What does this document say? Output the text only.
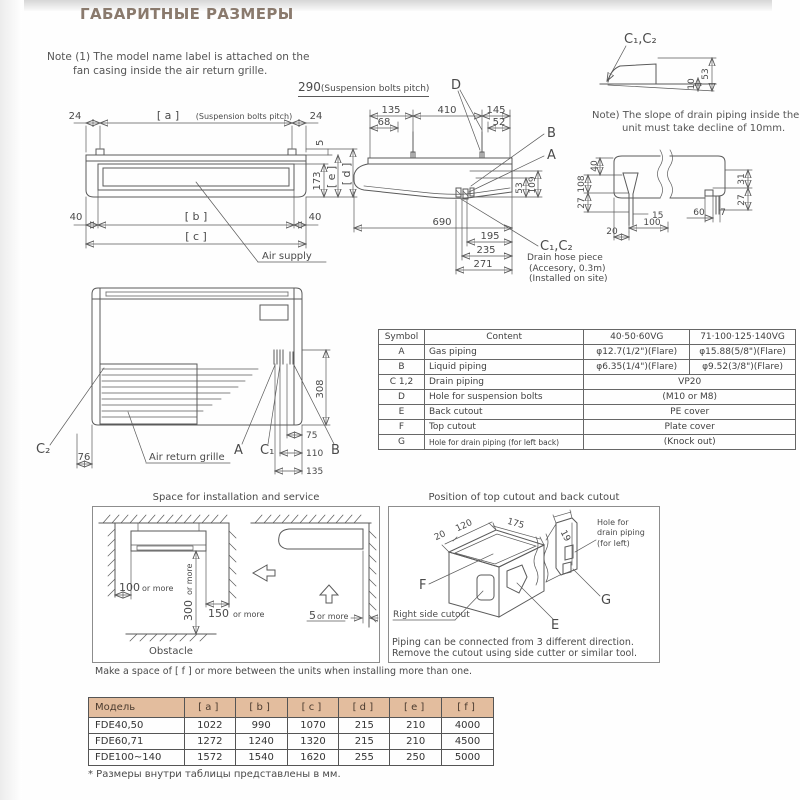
ГАБАРИТНЫЕ РАЗМЕРЫ
Note (1) The model name label is attached on the
fan casing inside the air return grille.
290(Suspension bolts pitch)
24	[ a ] (Suspension bolts pitch) 24
5
173 [ e ] [ d ]
40	[ b ]	40
[ c ]
Air supply
135	410	145
68	52
D
B
A
C₁,C₂
690
53 109
195
235
271
Drain hose piece
(Accesory, 0.3m)
(Installed on site)
C₁,C₂
10
53
Note) The slope of drain piping inside the
unit must take decline of 10mm.
40
108
27
31
27
60 7
15
100
20
Symbol	Content	40·50·60VG	71·100·125·140VG
A	Gas piping	φ12.7(1/2")(Flare)	φ15.88(5/8")(Flare)
B	Liquid piping	φ6.35(1/4")(Flare)	φ9.52(3/8")(Flare)
C 1,2	Drain piping	VP20	
D	Hole for suspension bolts	(M10 or M8)	
E	Back cutout	PE cover	
F	Top cutout	Plate cover	
G	Hole for drain piping (for left back)	(Knock out)	
C₂
76	Air return grille A C₁	B
308
75
110
135
Space for installation and service
100 or more
300
or more
150 or more
Obstacle
5 or more
Make a space of [ f ] or more between the units when installing more than one.
Position of top cutout and back cutout
20
120	175
19
F
Right side cutout
E
G
Hole for
drain piping
(for left)
Piping can be connected from 3 different direction.
Remove the cutout using side cutter or similar tool.
Модель	[ a ]	[ b ]	[ c ]	[ d ]	[ e ]	[ f ]
FDE40,50	1022	990	1070	215	210	4000
FDE60,71	1272	1240	1320	215	210	4500
FDE100~140	1572	1540	1620	255	250	5000
* Размеры внутри таблицы представлены в мм.
